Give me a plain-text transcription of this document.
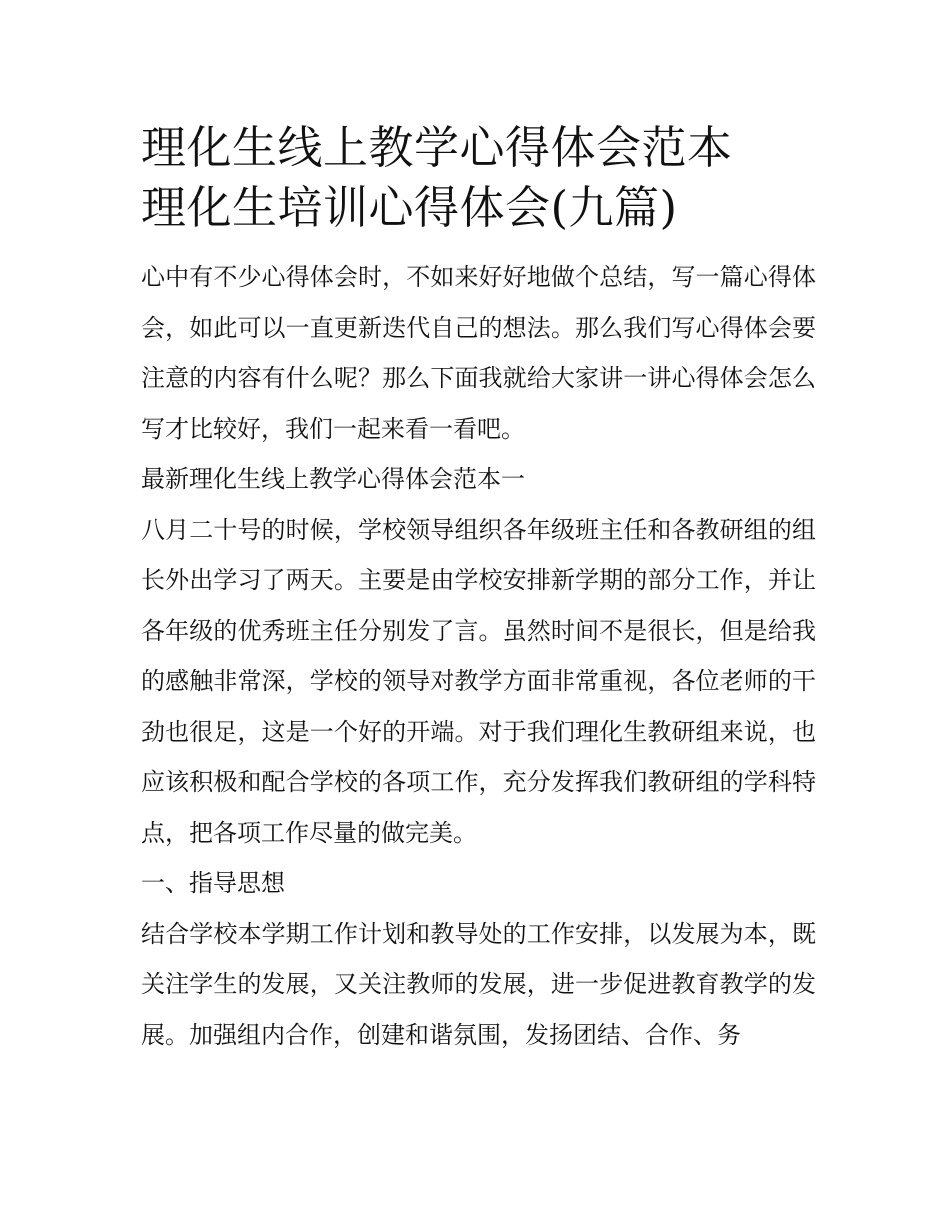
理化生线上教学心得体会范本
理化生培训心得体会(九篇)

心中有不少心得体会时，不如来好好地做个总结，写一篇心得体会，如此可以一直更新迭代自己的想法。那么我们写心得体会要注意的内容有什么呢？那么下面我就给大家讲一讲心得体会怎么写才比较好，我们一起来看一看吧。

最新理化生线上教学心得体会范本一

八月二十号的时候，学校领导组织各年级班主任和各教研组的组长外出学习了两天。主要是由学校安排新学期的部分工作，并让各年级的优秀班主任分别发了言。虽然时间不是很长，但是给我的感触非常深，学校的领导对教学方面非常重视，各位老师的干劲也很足，这是一个好的开端。对于我们理化生教研组来说，也应该积极和配合学校的各项工作，充分发挥我们教研组的学科特点，把各项工作尽量的做完美。

一、指导思想

结合学校本学期工作计划和教导处的工作安排，以发展为本，既关注学生的发展，又关注教师的发展，进一步促进教育教学的发展。加强组内合作，创建和谐氛围，发扬团结、合作、务
